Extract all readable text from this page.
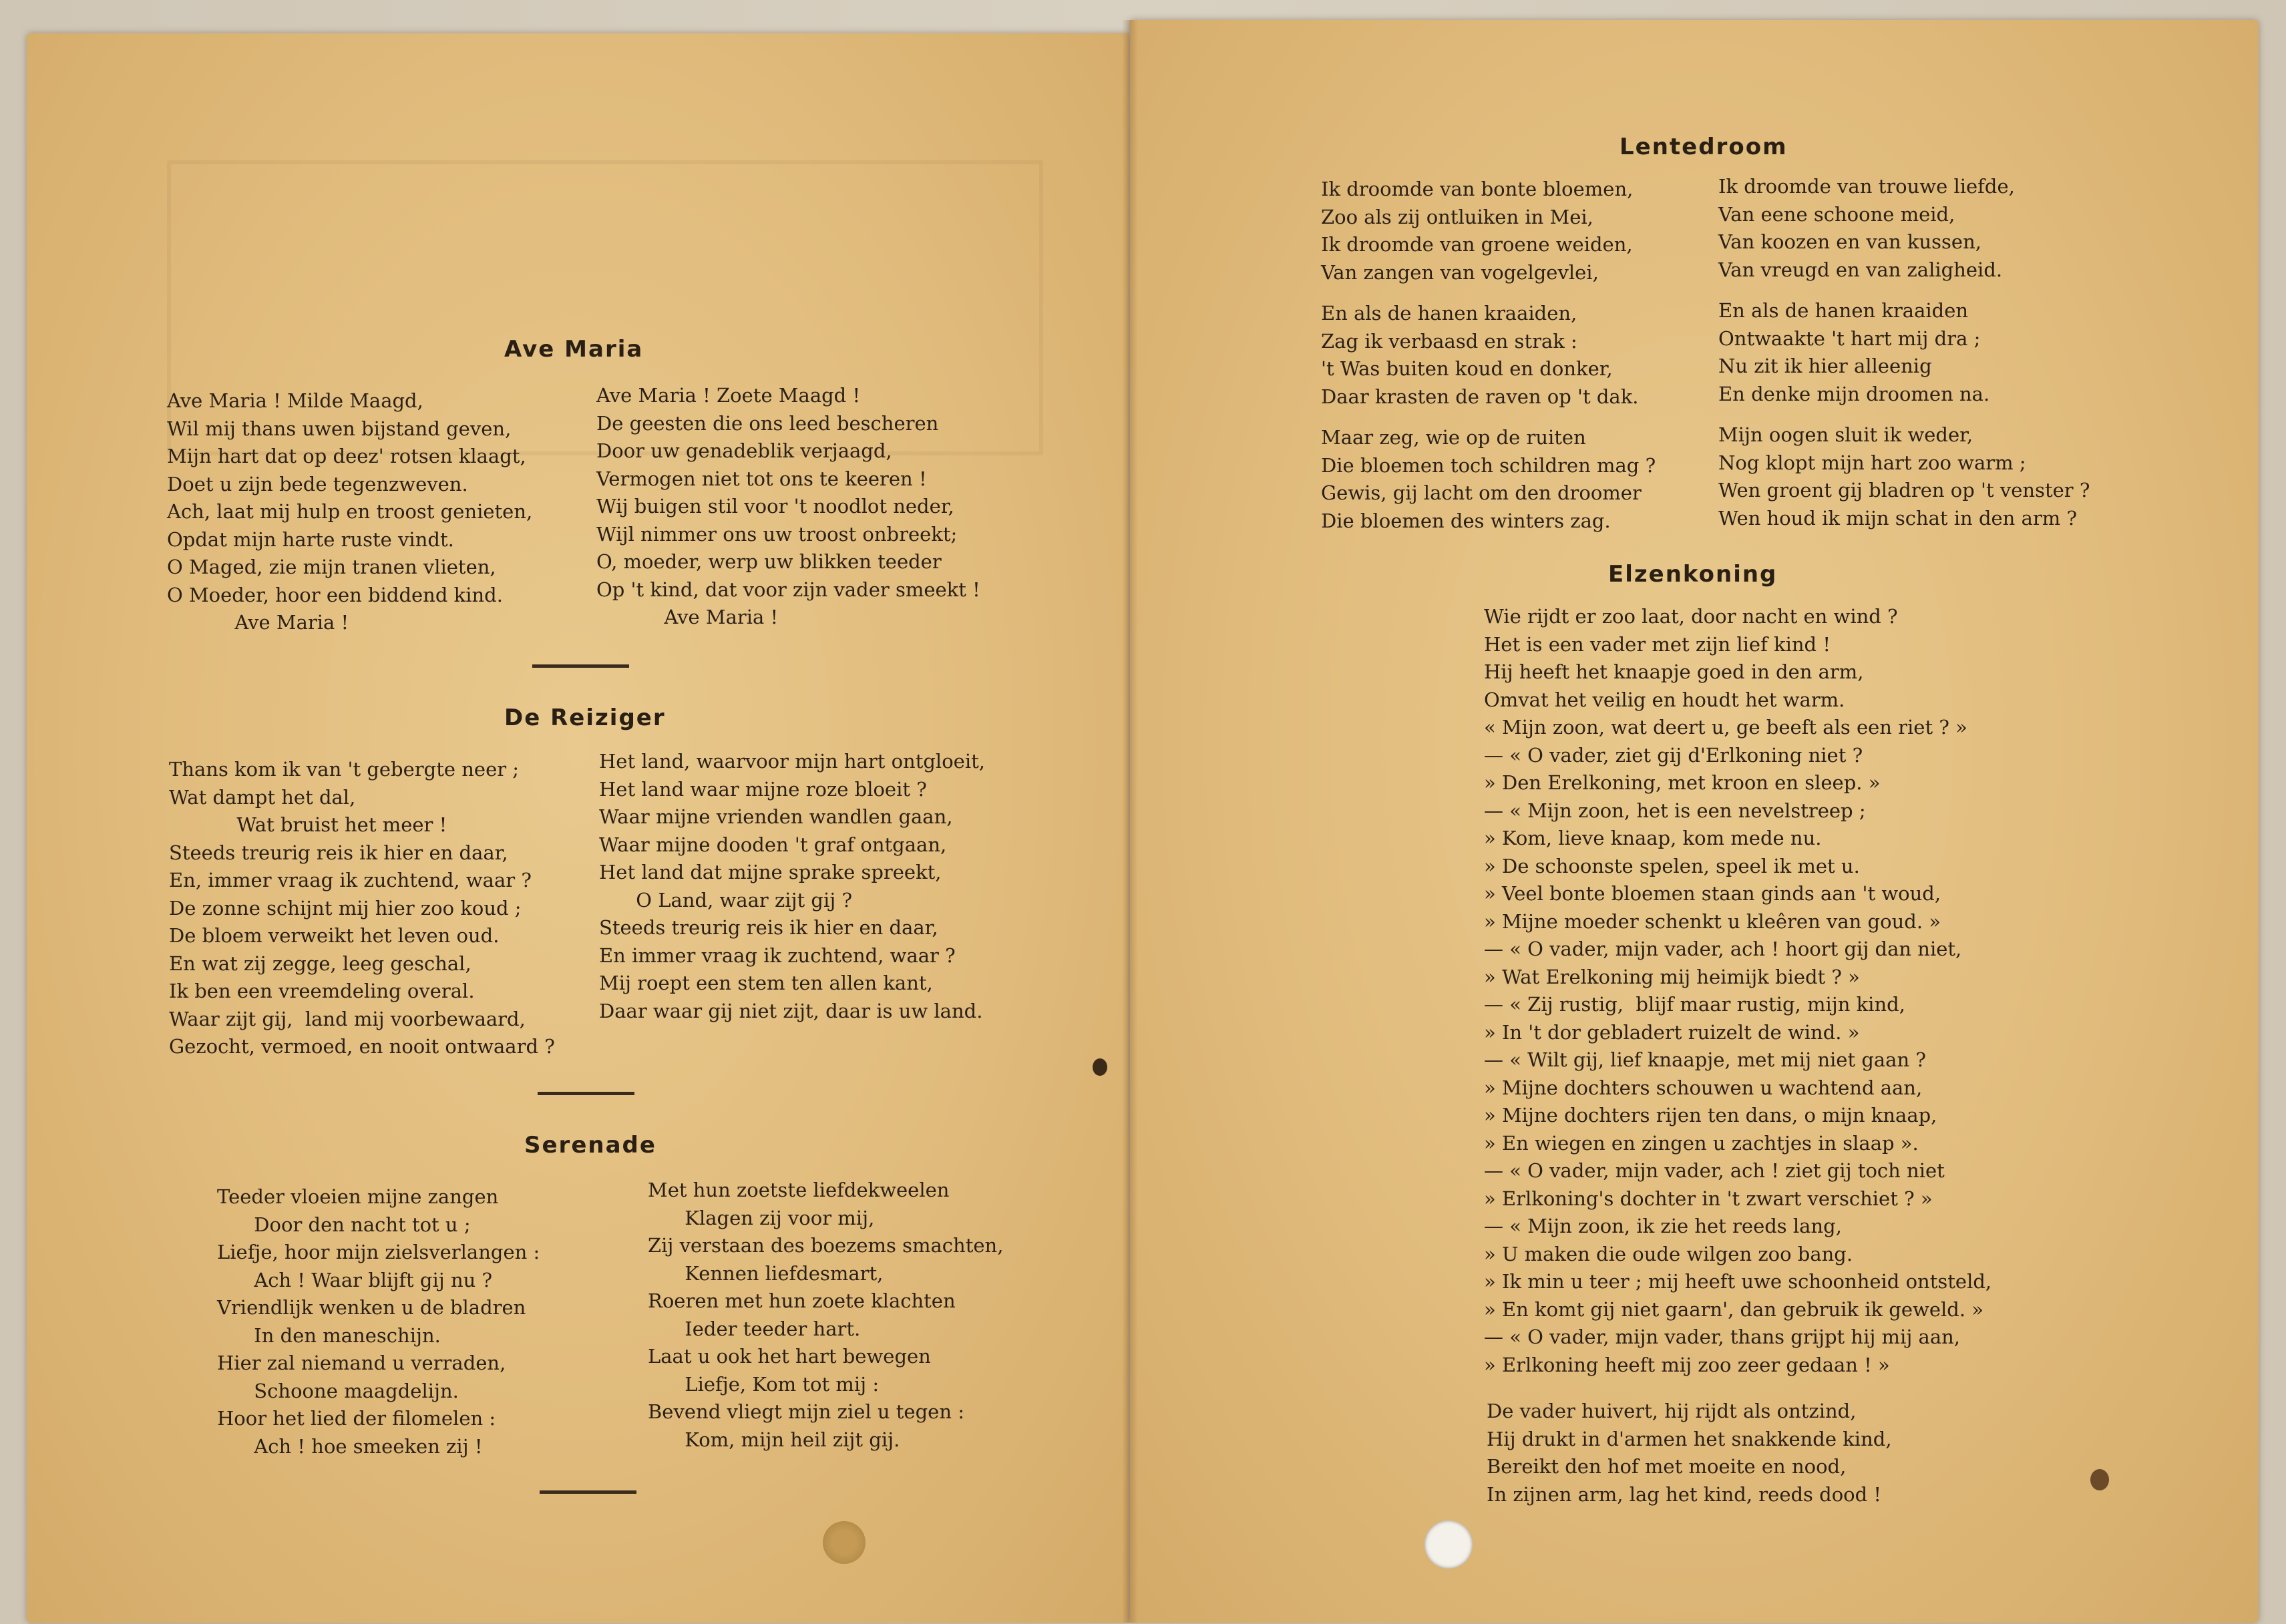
Ave Maria
Ave Maria ! Milde Maagd,
Wil mij thans uwen bijstand geven,
Mijn hart dat op deez' rotsen klaagt,
Doet u zijn bede tegenzweven.
Ach, laat mij hulp en troost genieten,
Opdat mijn harte ruste vindt.
O Maged, zie mijn tranen vlieten,
O Moeder, hoor een biddend kind.
Ave Maria !
Ave Maria ! Zoete Maagd !
De geesten die ons leed bescheren
Door uw genadeblik verjaagd,
Vermogen niet tot ons te keeren !
Wij buigen stil voor 't noodlot neder,
Wijl nimmer ons uw troost onbreekt;
O, moeder, werp uw blikken teeder
Op 't kind, dat voor zijn vader smeekt !
Ave Maria !
De Reiziger
Thans kom ik van 't gebergte neer ;
Wat dampt het dal,
Wat bruist het meer !
Steeds treurig reis ik hier en daar,
En, immer vraag ik zuchtend, waar ?
De zonne schijnt mij hier zoo koud ;
De bloem verweikt het leven oud.
En wat zij zegge, leeg geschal,
Ik ben een vreemdeling overal.
Waar zijt gij,  land mij voorbewaard,
Gezocht, vermoed, en nooit ontwaard ?
Het land, waarvoor mijn hart ontgloeit,
Het land waar mijne roze bloeit ?
Waar mijne vrienden wandlen gaan,
Waar mijne dooden 't graf ontgaan,
Het land dat mijne sprake spreekt,
O Land, waar zijt gij ?
Steeds treurig reis ik hier en daar,
En immer vraag ik zuchtend, waar ?
Mij roept een stem ten allen kant,
Daar waar gij niet zijt, daar is uw land.
Serenade
Teeder vloeien mijne zangen
Door den nacht tot u ;
Liefje, hoor mijn zielsverlangen :
Ach ! Waar blijft gij nu ?
Vriendlijk wenken u de bladren
In den maneschijn.
Hier zal niemand u verraden,
Schoone maagdelijn.
Hoor het lied der filomelen :
Ach ! hoe smeeken zij !
Met hun zoetste liefdekweelen
Klagen zij voor mij,
Zij verstaan des boezems smachten,
Kennen liefdesmart,
Roeren met hun zoete klachten
Ieder teeder hart.
Laat u ook het hart bewegen
Liefje, Kom tot mij :
Bevend vliegt mijn ziel u tegen :
Kom, mijn heil zijt gij.
Lentedroom
Ik droomde van bonte bloemen,
Zoo als zij ontluiken in Mei,
Ik droomde van groene weiden,
Van zangen van vogelgevlei,
En als de hanen kraaiden,
Zag ik verbaasd en strak :
't Was buiten koud en donker,
Daar krasten de raven op 't dak.
Maar zeg, wie op de ruiten
Die bloemen toch schildren mag ?
Gewis, gij lacht om den droomer
Die bloemen des winters zag.
Ik droomde van trouwe liefde,
Van eene schoone meid,
Van koozen en van kussen,
Van vreugd en van zaligheid.
En als de hanen kraaiden
Ontwaakte 't hart mij dra ;
Nu zit ik hier alleenig
En denke mijn droomen na.
Mijn oogen sluit ik weder,
Nog klopt mijn hart zoo warm ;
Wen groent gij bladren op 't venster ?
Wen houd ik mijn schat in den arm ?
Elzenkoning
Wie rijdt er zoo laat, door nacht en wind ?
Het is een vader met zijn lief kind !
Hij heeft het knaapje goed in den arm,
Omvat het veilig en houdt het warm.
« Mijn zoon, wat deert u, ge beeft als een riet ? »
— « O vader, ziet gij d'Erlkoning niet ?
» Den Erelkoning, met kroon en sleep. »
— « Mijn zoon, het is een nevelstreep ;
» Kom, lieve knaap, kom mede nu.
» De schoonste spelen, speel ik met u.
» Veel bonte bloemen staan ginds aan 't woud,
» Mijne moeder schenkt u kleêren van goud. »
— « O vader, mijn vader, ach ! hoort gij dan niet,
» Wat Erelkoning mij heimijk biedt ? »
— « Zij rustig,  blijf maar rustig, mijn kind,
» In 't dor gebladert ruizelt de wind. »
— « Wilt gij, lief knaapje, met mij niet gaan ?
» Mijne dochters schouwen u wachtend aan,
» Mijne dochters rijen ten dans, o mijn knaap,
» En wiegen en zingen u zachtjes in slaap ».
— « O vader, mijn vader, ach ! ziet gij toch niet
» Erlkoning's dochter in 't zwart verschiet ? »
— « Mijn zoon, ik zie het reeds lang,
» U maken die oude wilgen zoo bang.
» Ik min u teer ; mij heeft uwe schoonheid ontsteld,
» En komt gij niet gaarn', dan gebruik ik geweld. »
— « O vader, mijn vader, thans grijpt hij mij aan,
» Erlkoning heeft mij zoo zeer gedaan ! »
De vader huivert, hij rijdt als ontzind,
Hij drukt in d'armen het snakkende kind,
Bereikt den hof met moeite en nood,
In zijnen arm, lag het kind, reeds dood !
